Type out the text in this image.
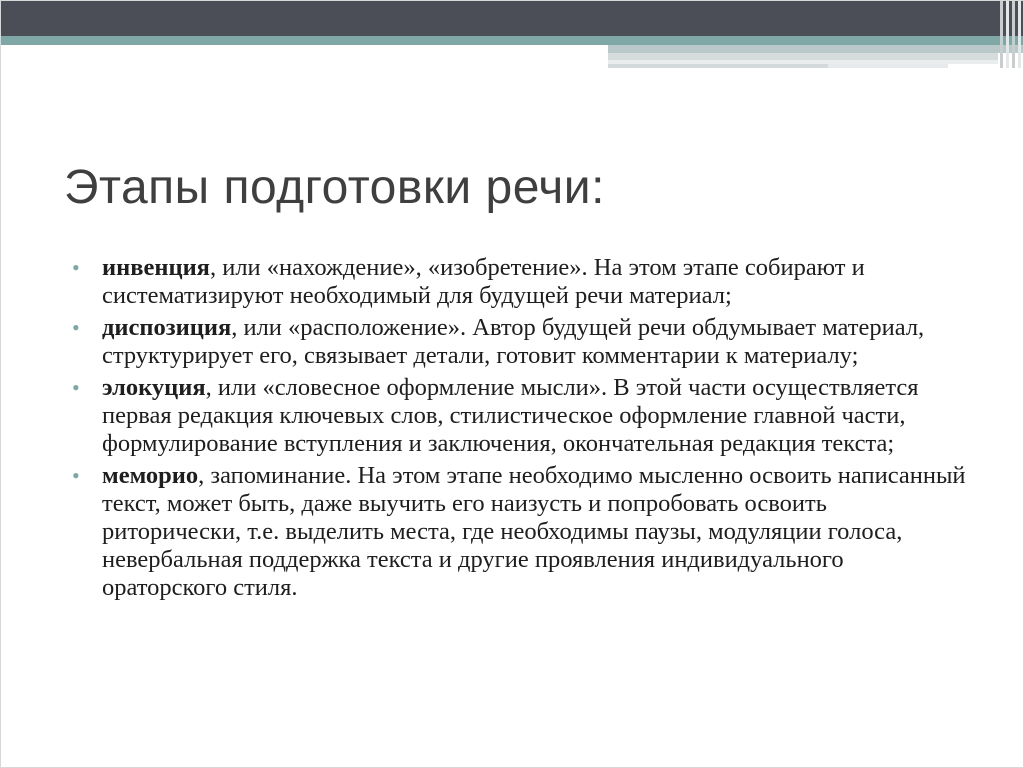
Этапы подготовки речи:
• инвенция, или «нахождение», «изобретение». На этом этапе собирают и систематизируют необходимый для будущей речи материал;
• диспозиция, или «расположение». Автор будущей речи обдумывает материал, структурирует его, связывает детали, готовит комментарии к материалу;
• элокуция, или «словесное оформление мысли». В этой части осуществляется первая редакция ключевых слов, стилистическое оформление главной части, формулирование вступления и заключения, окончательная редакция текста;
• меморио, запоминание. На этом этапе необходимо мысленно освоить написанный текст, может быть, даже выучить его наизусть и попробовать освоить риторически, т.е. выделить места, где необходимы паузы, модуляции голоса, невербальная поддержка текста и другие проявления индивидуального ораторского стиля.
